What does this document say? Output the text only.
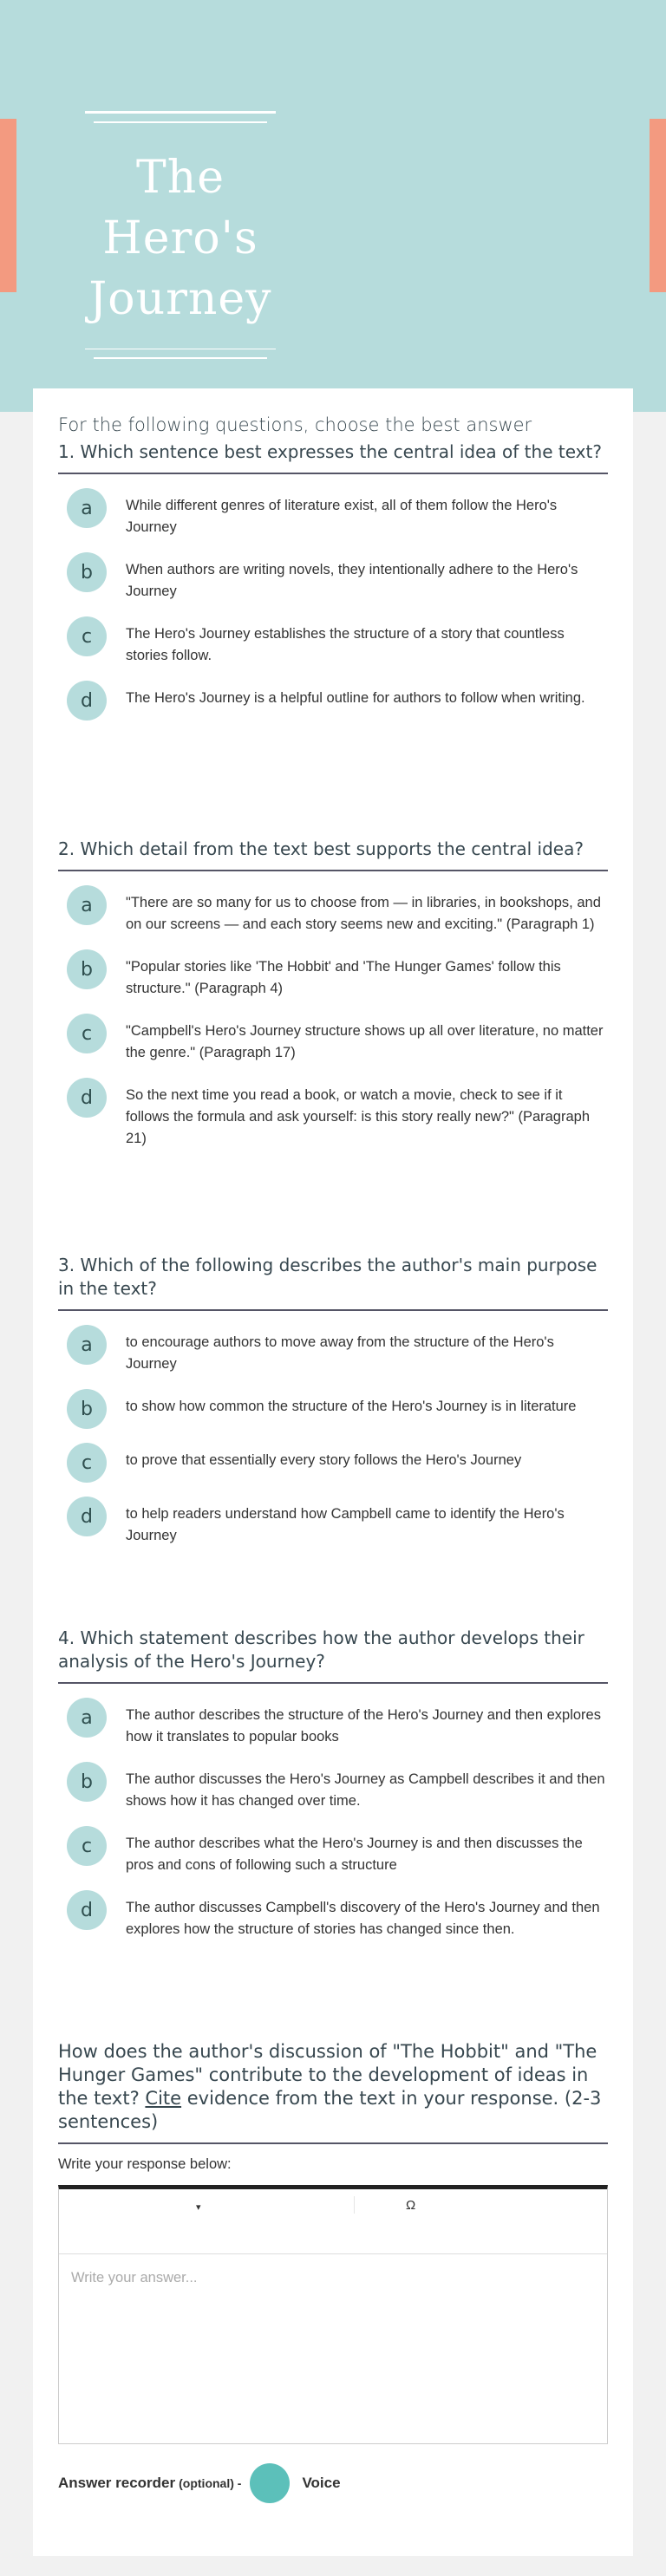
The Hero's
Journey
For the following questions, choose the best answer
1. Which sentence best expresses the central idea of the text?
a	While different genres of literature exist, all of them follow the Hero's Journey
b	When authors are writing novels, they intentionally adhere to the Hero's Journey
c	The Hero's Journey establishes the structure of a story that countless stories follow.
d	The Hero's Journey is a helpful outline for authors to follow when writing.
2. Which detail from the text best supports the central idea?
a	"There are so many for us to choose from — in libraries, in bookshops, and on our screens — and each story seems new and exciting." (Paragraph 1)
b	"Popular stories like 'The Hobbit' and 'The Hunger Games' follow this structure." (Paragraph 4)
c	"Campbell's Hero's Journey structure shows up all over literature, no matter the genre." (Paragraph 17)
d	So the next time you read a book, or watch a movie, check to see if it follows the formula and ask yourself: is this story really new?" (Paragraph 21)
3. Which of the following describes the author's main purpose in the text?
a	to encourage authors to move away from the structure of the Hero's Journey
b	to show how common the structure of the Hero's Journey is in literature
c	to prove that essentially every story follows the Hero's Journey
d	to help readers understand how Campbell came to identify the Hero's Journey
4. Which statement describes how the author develops their analysis of the Hero's Journey?
a	The author describes the structure of the Hero's Journey and then explores how it translates to popular books
b	The author discusses the Hero's Journey as Campbell describes it and then shows how it has changed over time.
c	The author describes what the Hero's Journey is and then discusses the pros and cons of following such a structure
d	The author discusses Campbell's discovery of the Hero's Journey and then explores how the structure of stories has changed since then.
How does the author's discussion of "The Hobbit" and "The Hunger Games" contribute to the development of ideas in the text? Cite evidence from the text in your response. (2-3 sentences)
Write your response below:
▾	Ω
Write your answer...
Answer recorder (optional) -	Voice
